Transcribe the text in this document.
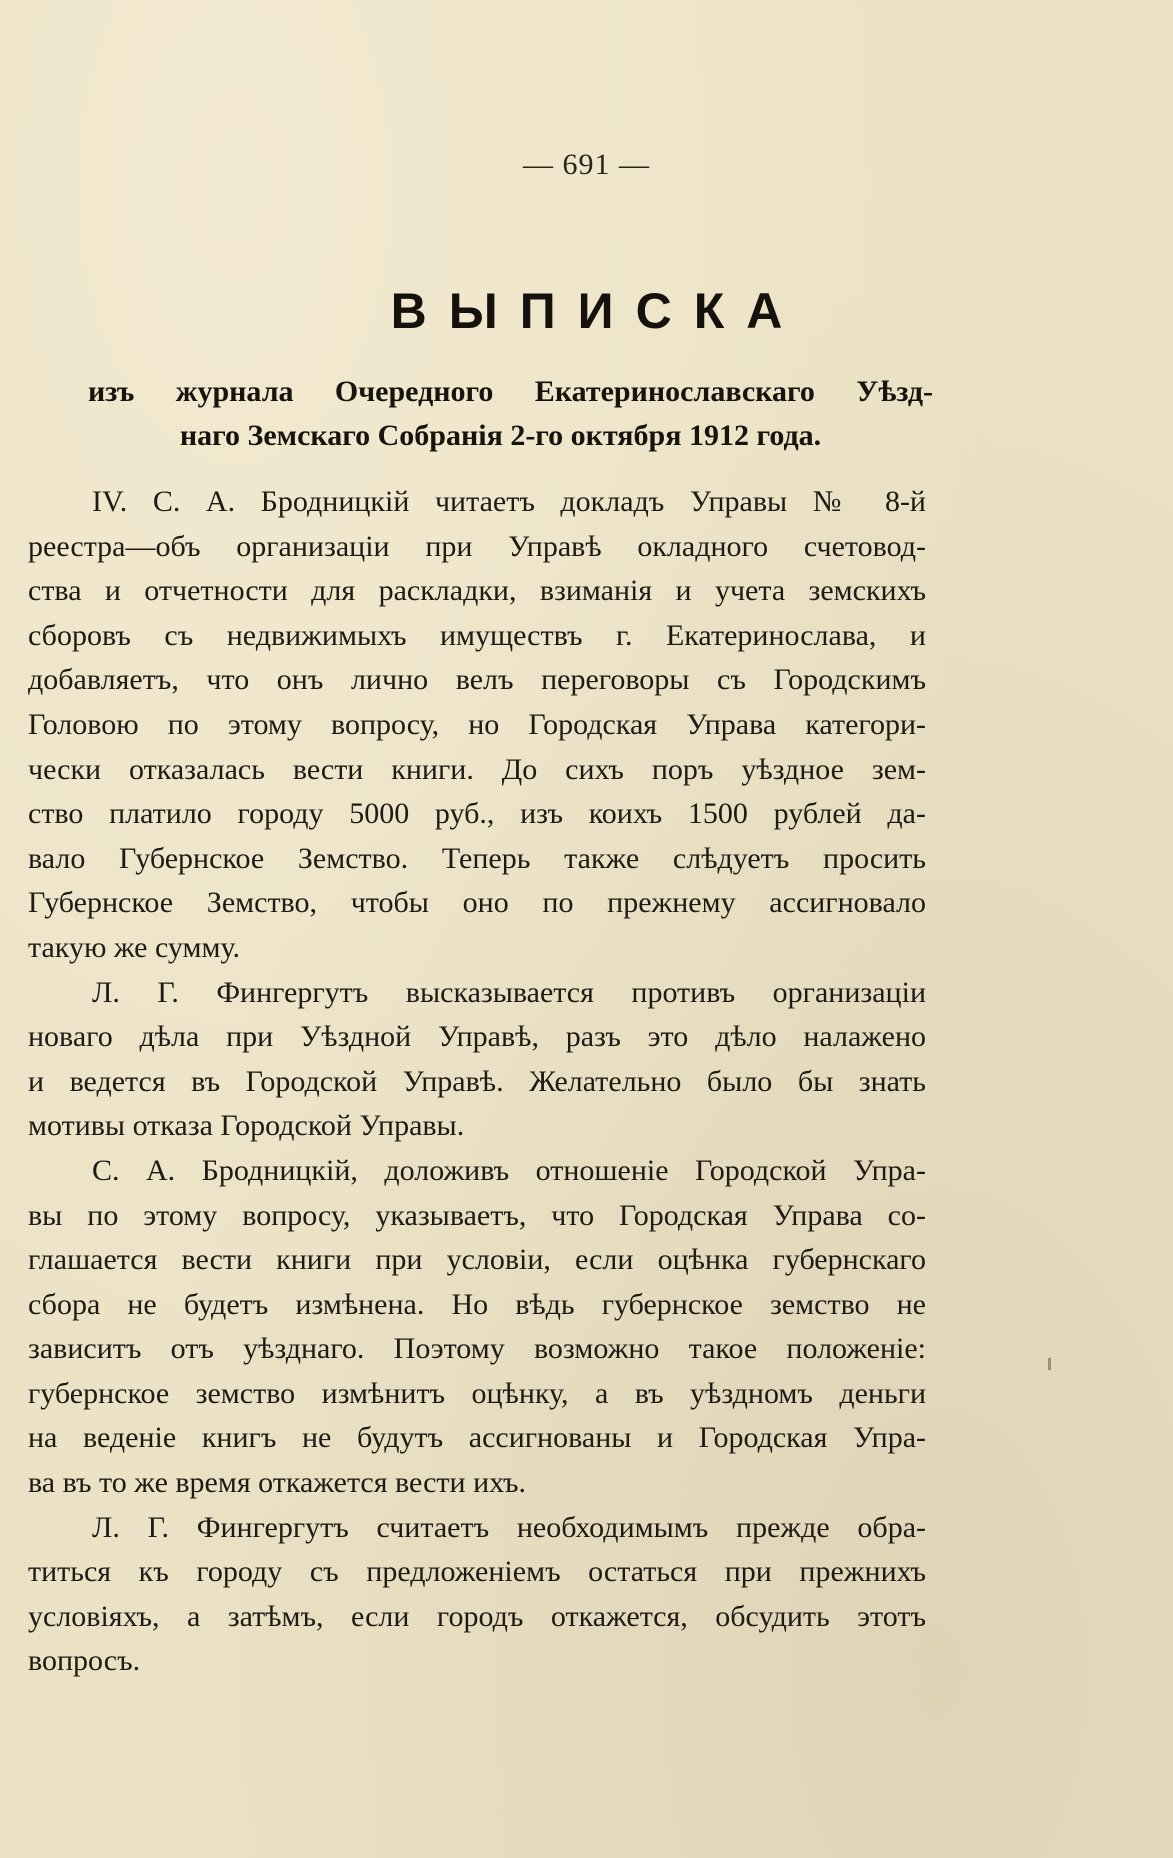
— 691 —
ВЫПИСКА
изъ журнала Очередного Екатеринославскаго Уѣзд-
наго Земскаго Собранія 2-го октября 1912 года.
IV. С. А. Бродницкій читаетъ докладъ Управы № 8-й
реестра—объ организаціи при Управѣ окладного счетовод-
ства и отчетности для раскладки, взиманія и учета земскихъ
сборовъ съ недвижимыхъ имуществъ г. Екатеринослава, и
добавляетъ, что онъ лично велъ переговоры съ Городскимъ
Головою по этому вопросу, но Городская Управа категори-
чески отказалась вести книги. До сихъ поръ уѣздное зем-
ство платило городу 5000 руб., изъ коихъ 1500 рублей да-
вало Губернское Земство. Теперь также слѣдуетъ просить
Губернское Земство, чтобы оно по прежнему ассигновало
такую же сумму.
Л. Г. Фингергутъ высказывается противъ организаціи
новаго дѣла при Уѣздной Управѣ, разъ это дѣло налажено
и ведется въ Городской Управѣ. Желательно было бы знать
мотивы отказа Городской Управы.
С. А. Бродницкій, доложивъ отношеніе Городской Упра-
вы по этому вопросу, указываетъ, что Городская Управа со-
глашается вести книги при условіи, если оцѣнка губернскаго
сбора не будетъ измѣнена. Но вѣдь губернское земство не
зависитъ отъ уѣзднаго. Поэтому возможно такое положеніе:
губернское земство измѣнитъ оцѣнку, а въ уѣздномъ деньги
на веденіе книгъ не будутъ ассигнованы и Городская Упра-
ва въ то же время откажется вести ихъ.
Л. Г. Фингергутъ считаетъ необходимымъ прежде обра-
титься къ городу съ предложеніемъ остаться при прежнихъ
условіяхъ, а затѣмъ, если городъ откажется, обсудить этотъ
вопросъ.
